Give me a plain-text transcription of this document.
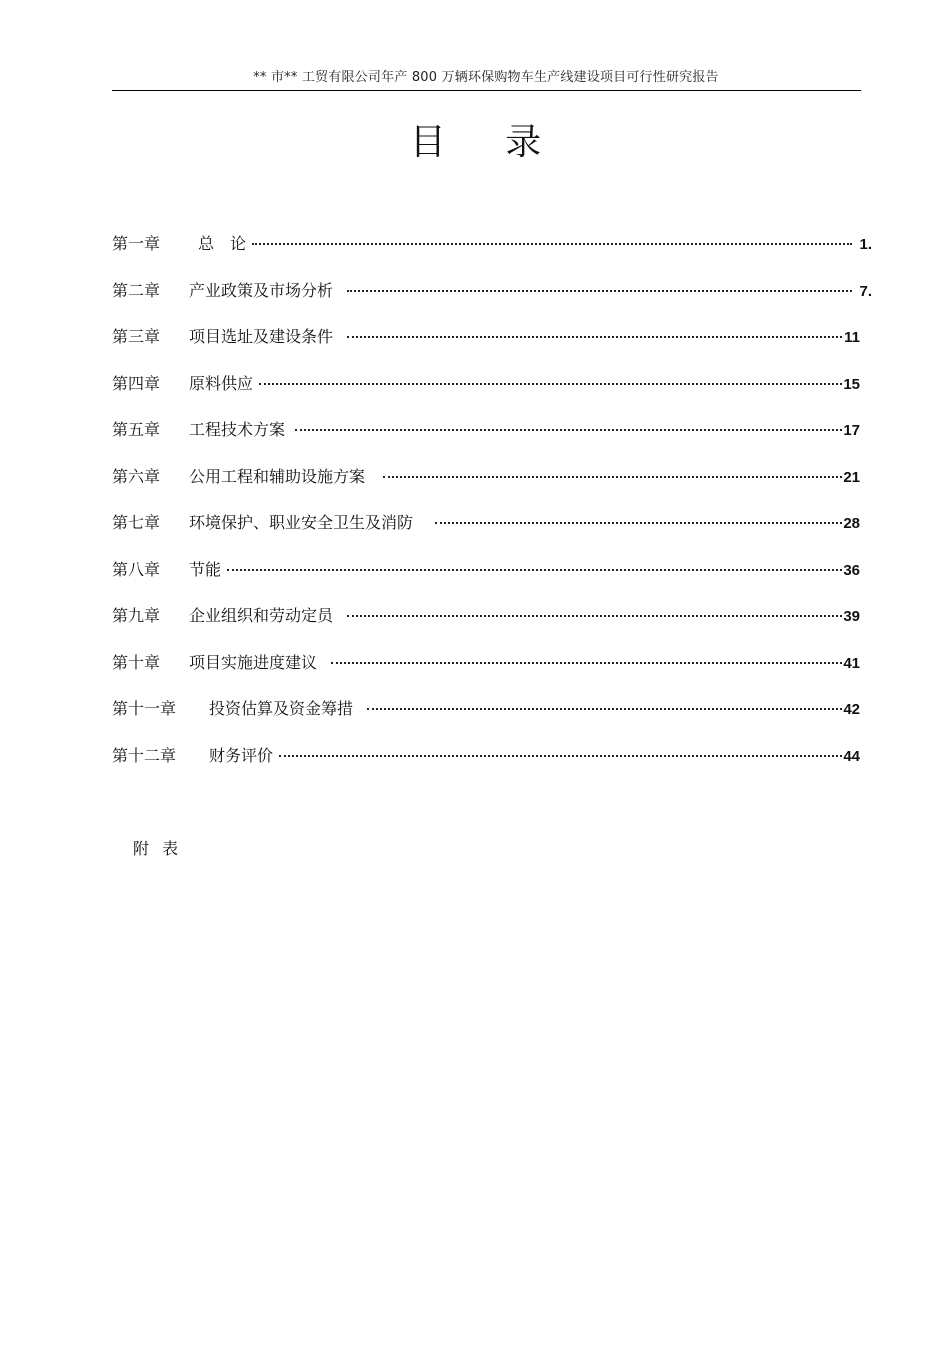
** 市** 工贸有限公司年产 800 万辆环保购物车生产线建设项目可行性研究报告
目 录
第一章	总　论	1.
第二章	产业政策及市场分析	7.
第三章	项目选址及建设条件	11
第四章	原料供应	15
第五章	工程技术方案	17
第六章	公用工程和辅助设施方案	21
第七章	环境保护、职业安全卫生及消防	28
第八章	节能	36
第九章	企业组织和劳动定员	39
第十章	项目实施进度建议	41
第十一章	投资估算及资金筹措	42
第十二章	财务评价	44
附 表
